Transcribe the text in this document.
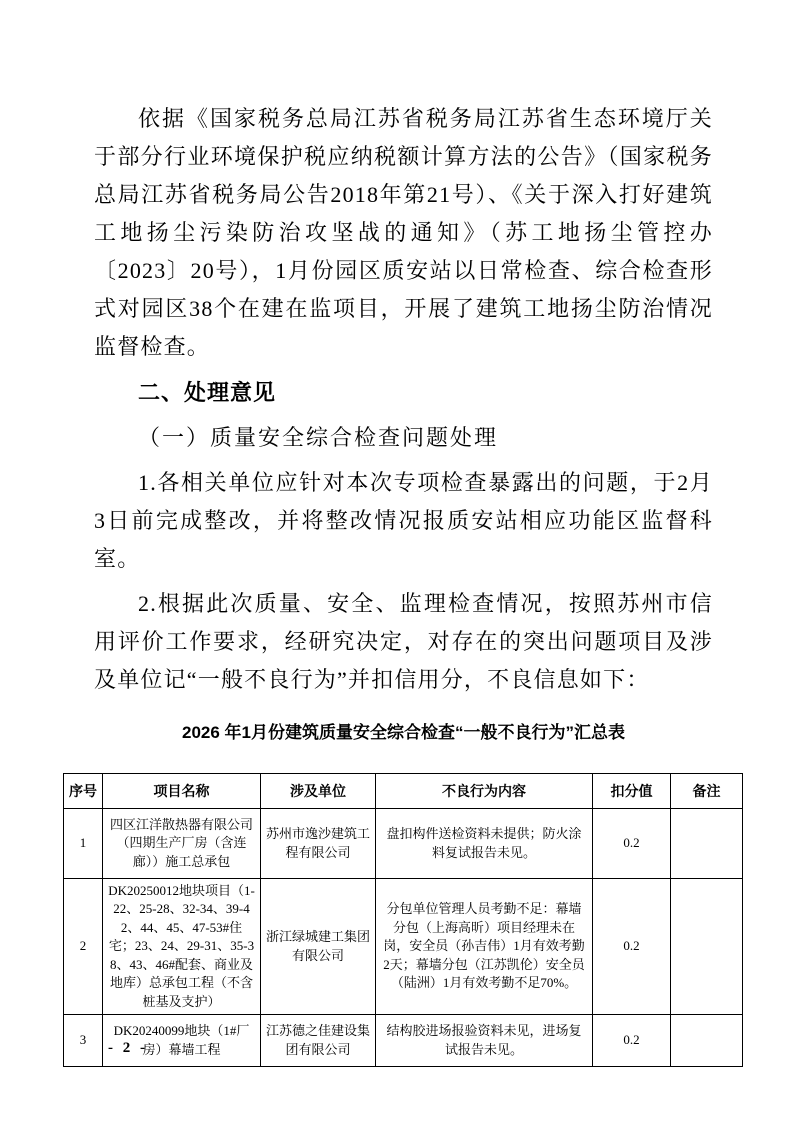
依据《国家税务总局江苏省税务局江苏省生态环境厅关于部分行业环境保护税应纳税额计算方法的公告》（国家税务总局江苏省税务局公告2018年第21号）、《关于深入打好建筑工地扬尘污染防治攻坚战的通知》（苏工地扬尘管控办〔2023〕20号），1月份园区质安站以日常检查、综合检查形式对园区38个在建在监项目，开展了建筑工地扬尘防治情况监督检查。

二、处理意见

（一）质量安全综合检查问题处理

1.各相关单位应针对本次专项检查暴露出的问题，于2月3日前完成整改，并将整改情况报质安站相应功能区监督科室。

2.根据此次质量、安全、监理检查情况，按照苏州市信用评价工作要求，经研究决定，对存在的突出问题项目及涉及单位记“一般不良行为”并扣信用分，不良信息如下：

2026 年1月份建筑质量安全综合检查“一般不良行为”汇总表
序号	项目名称	涉及单位	不良行为内容	扣分值	备注
1	四区江洋散热器有限公司（四期生产厂房（含连廊））施工总承包	苏州市逸沙建筑工程有限公司	盘扣构件送检资料未提供；防火涂料复试报告未见。	0.2	
2	DK20250012地块项目（1-22、25-28、32-34、39-42、44、45、47-53#住宅；23、24、29-31、35-38、43、46#配套、商业及地库）总承包工程（不含桩基及支护）	浙江绿城建工集团有限公司	分包单位管理人员考勤不足：幕墙分包（上海高昕）项目经理未在岗，安全员（孙吉伟）1月有效考勤2天；幕墙分包（江苏凯伦）安全员（陆洲）1月有效考勤不足70%。	0.2	
3	DK20240099地块（1#厂房）幕墙工程	江苏德之佳建设集团有限公司	结构胶进场报验资料未见，进场复试报告未见。	0.2	
- 2 -
